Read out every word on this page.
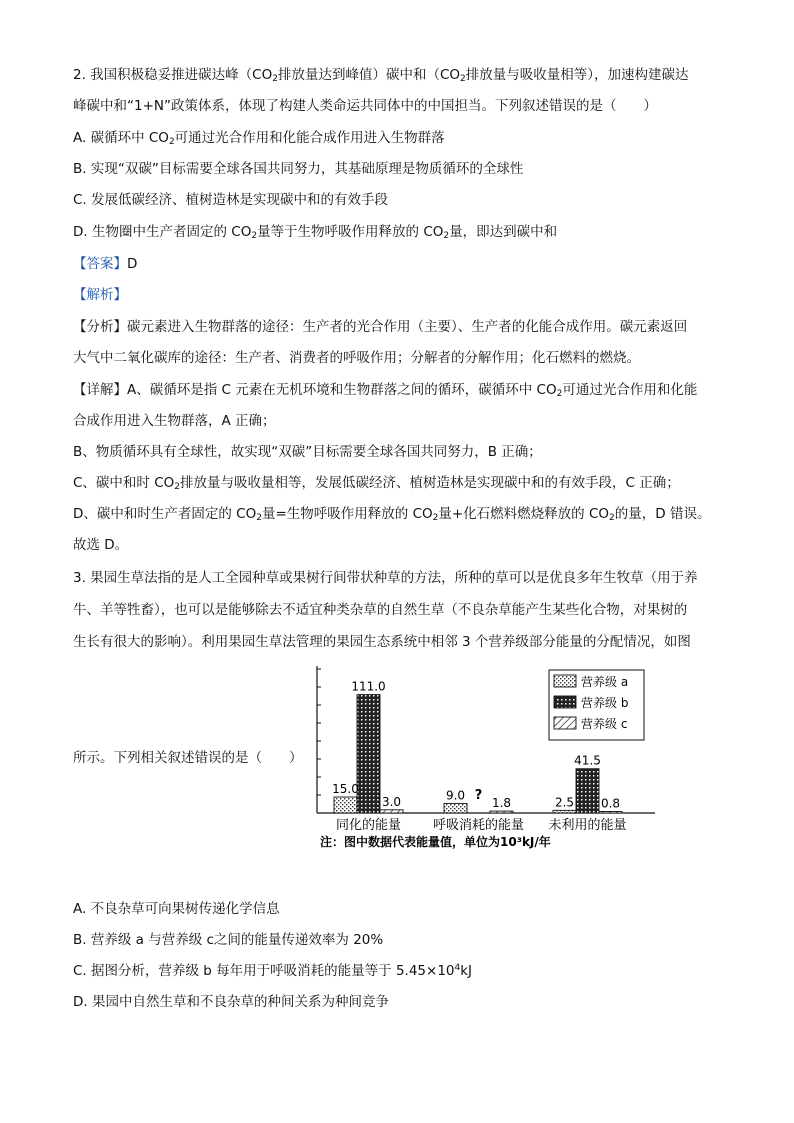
2. 我国积极稳妥推进碳达峰（$CO_2$排放量达到峰值）碳中和（$CO_2$排放量与吸收量相等），加速构建碳达
峰碳中和“1+N”政策体系，体现了构建人类命运共同体中的中国担当。下列叙述错误的是（　　）
A. 碳循环中 $CO_2$可通过光合作用和化能合成作用进入生物群落
B. 实现“双碳”目标需要全球各国共同努力，其基础原理是物质循环的全球性
C. 发展低碳经济、植树造林是实现碳中和的有效手段
D. 生物圈中生产者固定的 $CO_2$量等于生物呼吸作用释放的 $CO_2$量，即达到碳中和
【答案】D
【解析】
【分析】碳元素进入生物群落的途径：生产者的光合作用（主要）、生产者的化能合成作用。碳元素返回
大气中二氧化碳库的途径：生产者、消费者的呼吸作用；分解者的分解作用；化石燃料的燃烧。
【详解】A、碳循环是指 C 元素在无机环境和生物群落之间的循环，碳循环中 $CO_2$可通过光合作用和化能
合成作用进入生物群落，A 正确；
B、物质循环具有全球性，故实现“双碳”目标需要全球各国共同努力，B 正确；
C、碳中和时 $CO_2$排放量与吸收量相等，发展低碳经济、植树造林是实现碳中和的有效手段，C 正确；
D、碳中和时生产者固定的 $CO_2$量=生物呼吸作用释放的 $CO_2$量+化石燃料燃烧释放的 $CO_2$的量，D 错误。
故选 D。
3. 果园生草法指的是人工全园种草或果树行间带状种草的方法，所种的草可以是优良多年生牧草（用于养
牛、羊等牲畜），也可以是能够除去不适宜种类杂草的自然生草（不良杂草能产生某些化合物，对果树的
生长有很大的影响）。利用果园生草法管理的果园生态系统中相邻 3 个营养级部分能量的分配情况，如图
所示。下列相关叙述错误的是（　　）
15.0	9.0	2.5
111.0
?
41.5
3.0	1.8	0.8
同化的能量 呼吸消耗的能量 未利用的能量
营养级 a
营养级 b
营养级 c
注：图中数据代表能量值，单位为10³kJ/年
A. 不良杂草可向果树传递化学信息
B. 营养级 a 与营养级 c之间的能量传递效率为 20%
C. 据图分析，营养级 b 每年用于呼吸消耗的能量等于 $5.45\times 10^4kJ$
D. 果园中自然生草和不良杂草的种间关系为种间竞争
